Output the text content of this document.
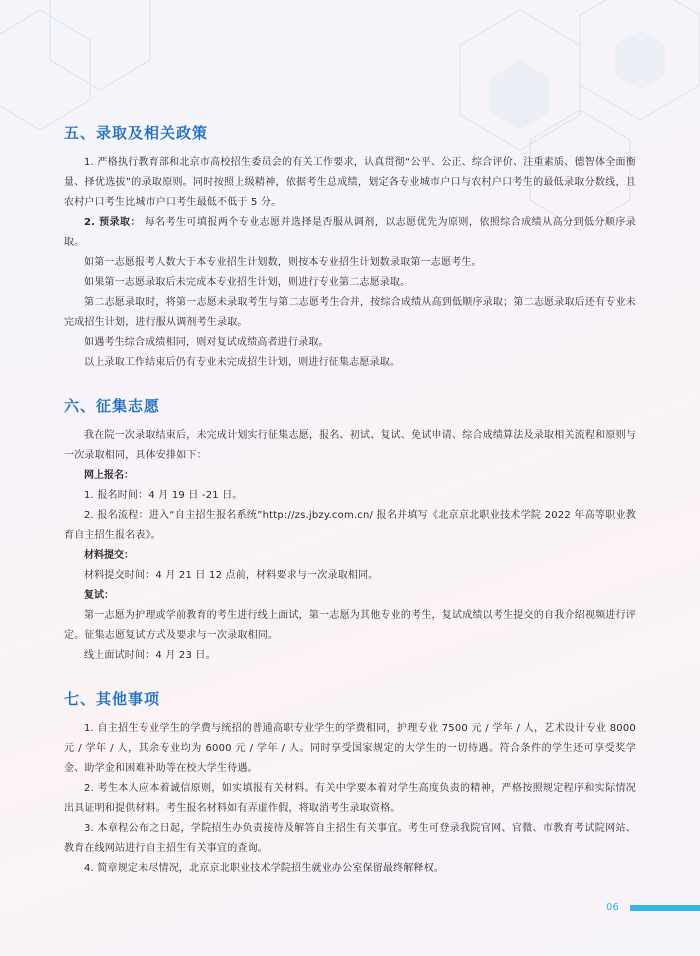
五、录取及相关政策

1. 严格执行教育部和北京市高校招生委员会的有关工作要求，认真贯彻“公平、公正、综合评价、注重素质、德智体全面衡量、择优选拔”的录取原则。同时按照上级精神，依据考生总成绩，划定各专业城市户口与农村户口考生的最低录取分数线，且农村户口考生比城市户口考生最低不低于 5 分。

2. 预录取： 每名考生可填报两个专业志愿并选择是否服从调剂，以志愿优先为原则，依照综合成绩从高分到低分顺序录取。

如第一志愿报考人数大于本专业招生计划数，则按本专业招生计划数录取第一志愿考生。

如果第一志愿录取后未完成本专业招生计划，则进行专业第二志愿录取。

第二志愿录取时，将第一志愿未录取考生与第二志愿考生合并，按综合成绩从高到低顺序录取；第二志愿录取后还有专业未完成招生计划，进行服从调剂考生录取。

如遇考生综合成绩相同，则对复试成绩高者进行录取。

以上录取工作结束后仍有专业未完成招生计划，则进行征集志愿录取。

六、征集志愿

我在院一次录取结束后，未完成计划实行征集志愿，报名、初试、复试、免试申请、综合成绩算法及录取相关流程和原则与一次录取相同，具体安排如下：

网上报名：

1. 报名时间：4 月 19 日 -21 日。

2. 报名流程：进入“自主招生报名系统”http://zs.jbzy.com.cn/ 报名并填写《北京京北职业技术学院 2022 年高等职业教育自主招生报名表》。

材料提交：

材料提交时间：4 月 21 日 12 点前，材料要求与一次录取相同。

复试：

第一志愿为护理或学前教育的考生进行线上面试，第一志愿为其他专业的考生，复试成绩以考生提交的自我介绍视频进行评定。征集志愿复试方式及要求与一次录取相同。

线上面试时间：4 月 23 日。

七、其他事项

1. 自主招生专业学生的学费与统招的普通高职专业学生的学费相同，护理专业 7500 元 / 学年 / 人，艺术设计专业 8000 元 / 学年 / 人，其余专业均为 6000 元 / 学年 / 人。同时享受国家规定的大学生的一切待遇。符合条件的学生还可享受奖学金、助学金和困难补助等在校大学生待遇。

2. 考生本人应本着诚信原则，如实填报有关材料。有关中学要本着对学生高度负责的精神，严格按照规定程序和实际情况出具证明和提供材料。考生报名材料如有弄虚作假，将取消考生录取资格。

3. 本章程公布之日起，学院招生办负责接待及解答自主招生有关事宜。考生可登录我院官网、官微、市教育考试院网站、教育在线网站进行自主招生有关事宜的查询。

4. 简章规定未尽情况，北京京北职业技术学院招生就业办公室保留最终解释权。

06
